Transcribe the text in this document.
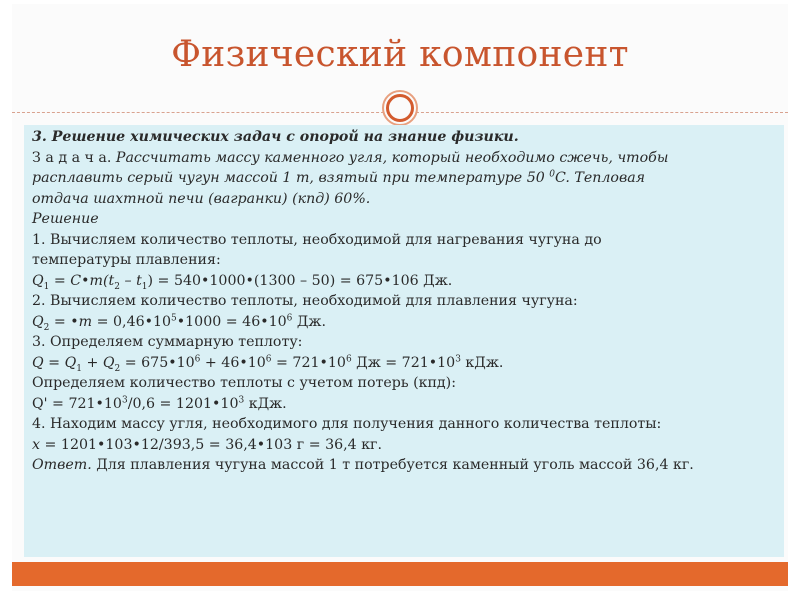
Физический компонент
3. Решение химических задач с опорой на знание физики.
З а д а ч а. Рассчитать массу каменного угля, который необходимо сжечь, чтобы
расплавить серый чугун массой 1 т, взятый при температуре 50 $^0$C. Тепловая
отдача шахтной печи (вагранки) (кпд) 60%.
Решение
1. Вычисляем количество теплоты, необходимой для нагревания чугуна до
температуры плавления:
$Q_1$ = $C•m(t_2 - t_1)$ = 540•1000•(1300 – 50) = 675•106 Дж.
2. Вычисляем количество теплоты, необходимой для плавления чугуна:
$Q_2$ = •m = $0,46•10^5•1000$ = $46•10^6$ Дж.
3. Определяем суммарную теплоту:
$Q = Q_1 + Q_2$ = $675•10^6$ + $46•10^6$ = $721•10^6$ Дж = $721•10^3$ кДж.
Определяем количество теплоты с учетом потерь (кпд):
$Q' = 721•10^3/0,6$ = $1201•10^3$ кДж.
4. Находим массу угля, необходимого для получения данного количества теплоты:
x = 1201•103•12/393,5 = 36,4•103 г = 36,4 кг.
Ответ. Для плавления чугуна массой 1 т потребуется каменный уголь массой 36,4 кг.
